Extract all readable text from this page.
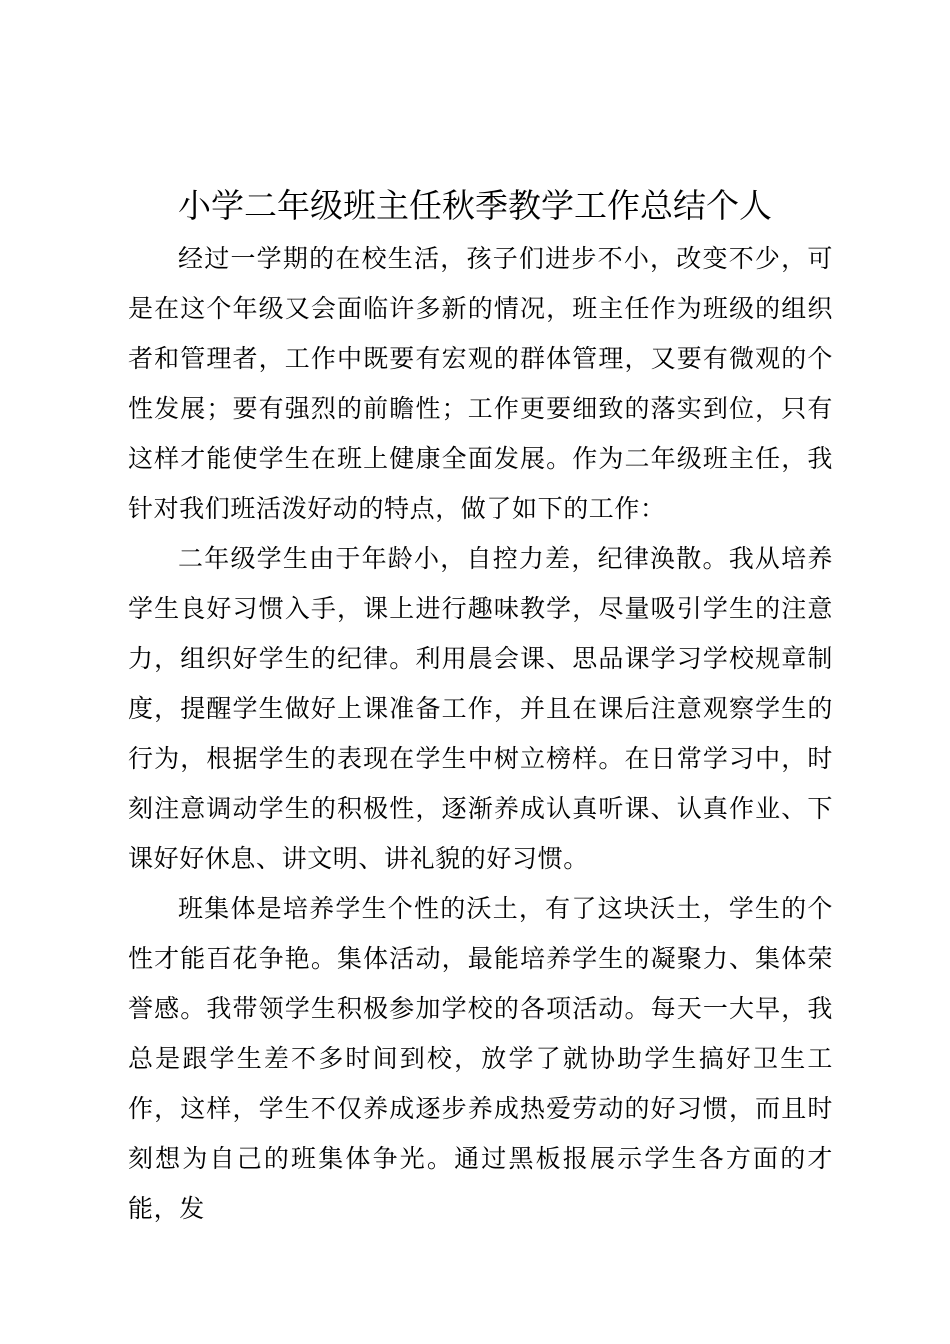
小学二年级班主任秋季教学工作总结个人

经过一学期的在校生活，孩子们进步不小，改变不少，可是在这个年级又会面临许多新的情况，班主任作为班级的组织者和管理者，工作中既要有宏观的群体管理，又要有微观的个性发展；要有强烈的前瞻性；工作更要细致的落实到位，只有这样才能使学生在班上健康全面发展。作为二年级班主任，我针对我们班活泼好动的特点，做了如下的工作：

二年级学生由于年龄小，自控力差，纪律涣散。我从培养学生良好习惯入手，课上进行趣味教学，尽量吸引学生的注意力，组织好学生的纪律。利用晨会课、思品课学习学校规章制度，提醒学生做好上课准备工作，并且在课后注意观察学生的行为，根据学生的表现在学生中树立榜样。在日常学习中，时刻注意调动学生的积极性，逐渐养成认真听课、认真作业、下课好好休息、讲文明、讲礼貌的好习惯。

班集体是培养学生个性的沃土，有了这块沃土，学生的个性才能百花争艳。集体活动，最能培养学生的凝聚力、集体荣誉感。我带领学生积极参加学校的各项活动。每天一大早，我总是跟学生差不多时间到校，放学了就协助学生搞好卫生工作，这样，学生不仅养成逐步养成热爱劳动的好习惯，而且时刻想为自己的班集体争光。通过黑板报展示学生各方面的才能，发
